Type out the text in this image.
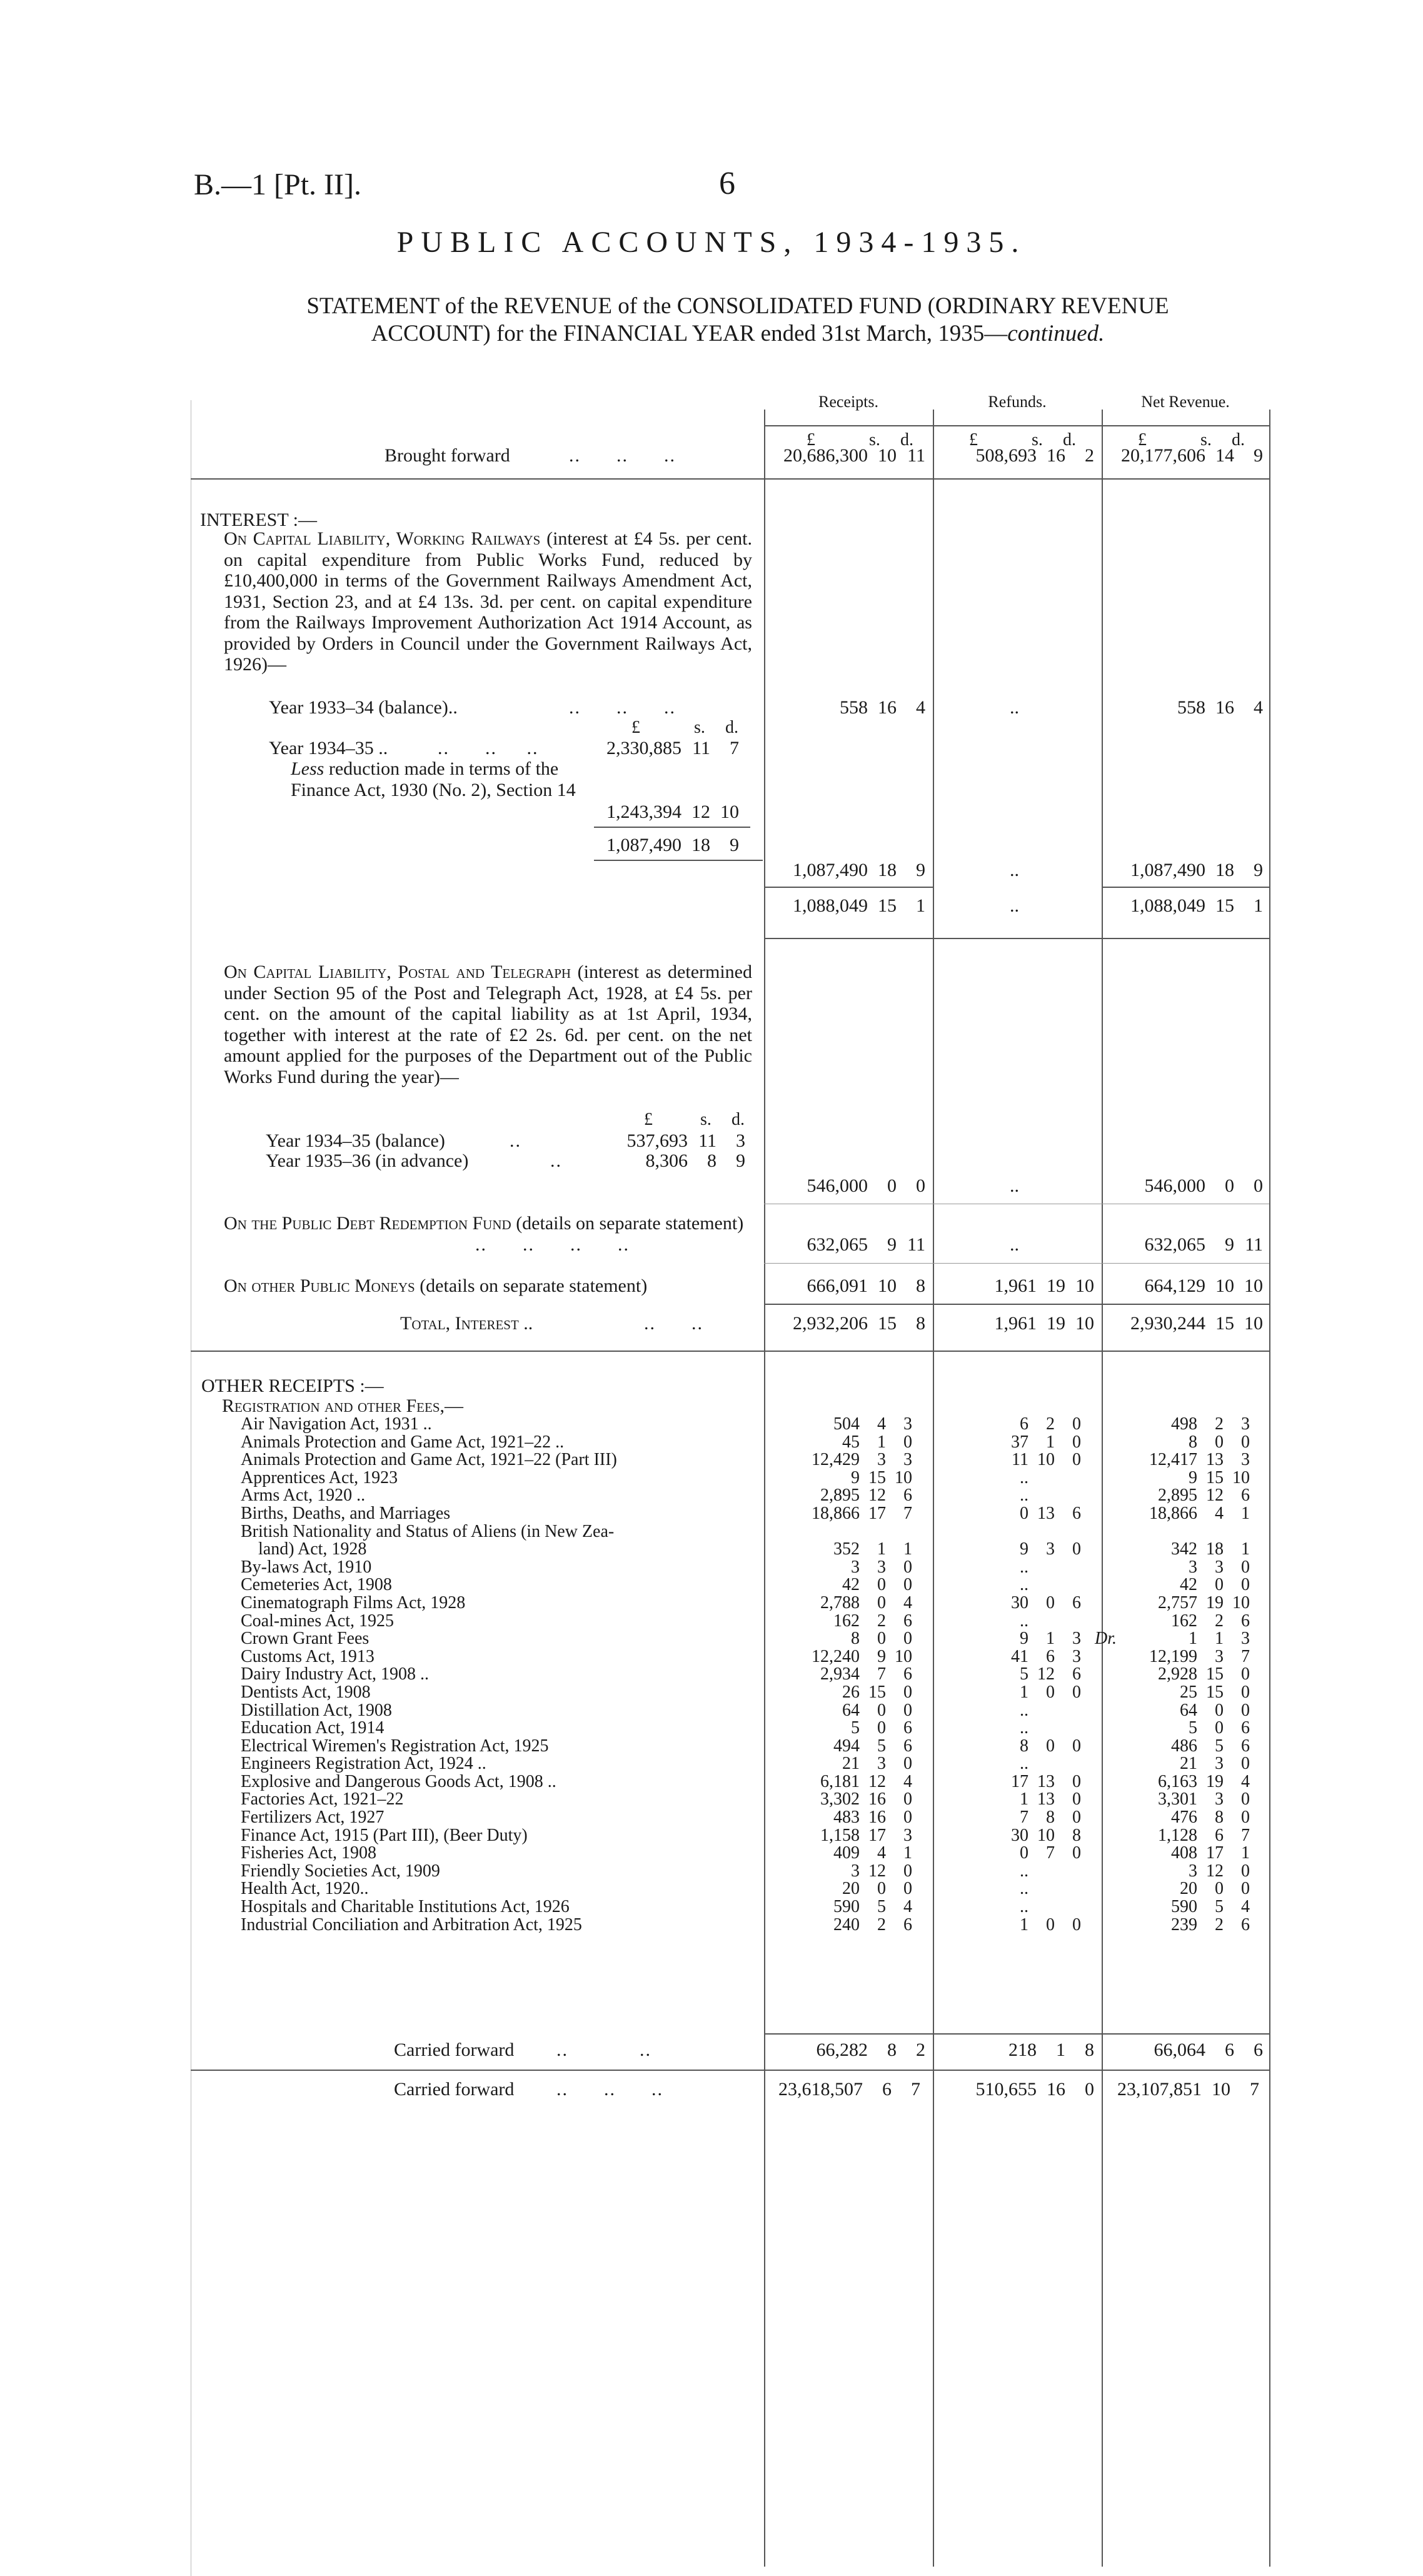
B.—1 [Pt. II].	6
PUBLIC ACCOUNTS, 1934-1935.
STATEMENT of the REVENUE of the CONSOLIDATED FUND (ORDINARY REVENUE
ACCOUNT) for the FINANCIAL YEAR ended 31st March, 1935—continued.
Receipts.	Refunds.	Net Revenue.
£	s. d.	£	s. d.	£	s. d.
Brought forward	..      ..      ..	20,686,300 10 11	508,693 16 2	20,177,606 14 9
INTEREST :—
On Capital Liability, Working Railways (interest at £4 5s. per cent. on capital expenditure from Public Works Fund, reduced by £10,400,000 in terms of the Government Railways Amendment Act, 1931, Section 23, and at £4 13s. 3d. per cent. on capital expenditure from the Railways Improvement Authorization Act 1914 Account, as provided by Orders in Council under the Government Railways Act, 1926)—
Year 1933–34 (balance)..	..      ..      ..	558 16 4	..	558 16 4
£	s. d.
Year 1934–35 ..	..      ..     ..	2,330,885 11 7
Less reduction made in terms of the Finance Act, 1930 (No. 2), Section 14
1,243,394 12 10
1,087,490 18 9
1,087,490 18 9	..	1,087,490 18 9
1,088,049 15 1	..	1,088,049 15 1
On Capital Liability, Postal and Telegraph (interest as determined under Section 95 of the Post and Telegraph Act, 1928, at £4 5s. per cent. on the amount of the capital liability as at 1st April, 1934, together with interest at the rate of £2 2s. 6d. per cent. on the net amount applied for the purposes of the Department out of the Public Works Fund during the year)—
£	s. d.
Year 1934–35 (balance)	..	537,693 11 3
Year 1935–36 (in advance)	..	8,306 8 9
546,000 0 0	..	546,000 0 0
On the Public Debt Redemption Fund (details on separate statement)
..      ..      ..      ..	632,065 9 11	..	632,065 9 11
On other Public Moneys (details on separate statement)	666,091 10 8	1,961 19 10	664,129 10 10
Total, Interest ..	..      ..	2,932,206 15 8	1,961 19 10	2,930,244 15 10
OTHER RECEIPTS :—
Registration and other Fees,—
Air Navigation Act, 1931 ..	504 4 3	6 2 0	498 2 3
Animals Protection and Game Act, 1921–22 ..	45 1 0	37 1 0	8 0 0
Animals Protection and Game Act, 1921–22 (Part III)	12,429 3 3	11 10 0	12,417 13 3
Apprentices Act, 1923	9 15 10	..	9 15 10
Arms Act, 1920 ..	2,895 12 6	..	2,895 12 6
Births, Deaths, and Marriages	18,866 17 7	0 13 6	18,866 4 1
British Nationality and Status of Aliens (in New Zea-
land) Act, 1928	352 1 1	9 3 0	342 18 1
By-laws Act, 1910	3 3 0	..	3 3 0
Cemeteries Act, 1908	42 0 0	..	42 0 0
Cinematograph Films Act, 1928	2,788 0 4	30 0 6	2,757 19 10
Coal-mines Act, 1925	162 2 6	..	162 2 6
Crown Grant Fees	8 0 0	9 1 3 Dr.	1 1 3
Customs Act, 1913	12,240 9 10	41 6 3	12,199 3 7
Dairy Industry Act, 1908 ..	2,934 7 6	5 12 6	2,928 15 0
Dentists Act, 1908	26 15 0	1 0 0	25 15 0
Distillation Act, 1908	64 0 0	..	64 0 0
Education Act, 1914	5 0 6	..	5 0 6
Electrical Wiremen's Registration Act, 1925	494 5 6	8 0 0	486 5 6
Engineers Registration Act, 1924 ..	21 3 0	..	21 3 0
Explosive and Dangerous Goods Act, 1908 ..	6,181 12 4	17 13 0	6,163 19 4
Factories Act, 1921–22	3,302 16 0	1 13 0	3,301 3 0
Fertilizers Act, 1927	483 16 0	7 8 0	476 8 0
Finance Act, 1915 (Part III), (Beer Duty)	1,158 17 3	30 10 8	1,128 6 7
Fisheries Act, 1908	409 4 1	0 7 0	408 17 1
Friendly Societies Act, 1909	3 12 0	..	3 12 0
Health Act, 1920..	20 0 0	..	20 0 0
Hospitals and Charitable Institutions Act, 1926	590 5 4	..	590 5 4
Industrial Conciliation and Arbitration Act, 1925	240 2 6	1 0 0	239 2 6
Carried forward ..            ..	66,282 8 2	218 1 8	66,064 6 6
Carried forward ..      ..      ..	23,618,507 6 7	510,655 16 0	23,107,851 10 7
